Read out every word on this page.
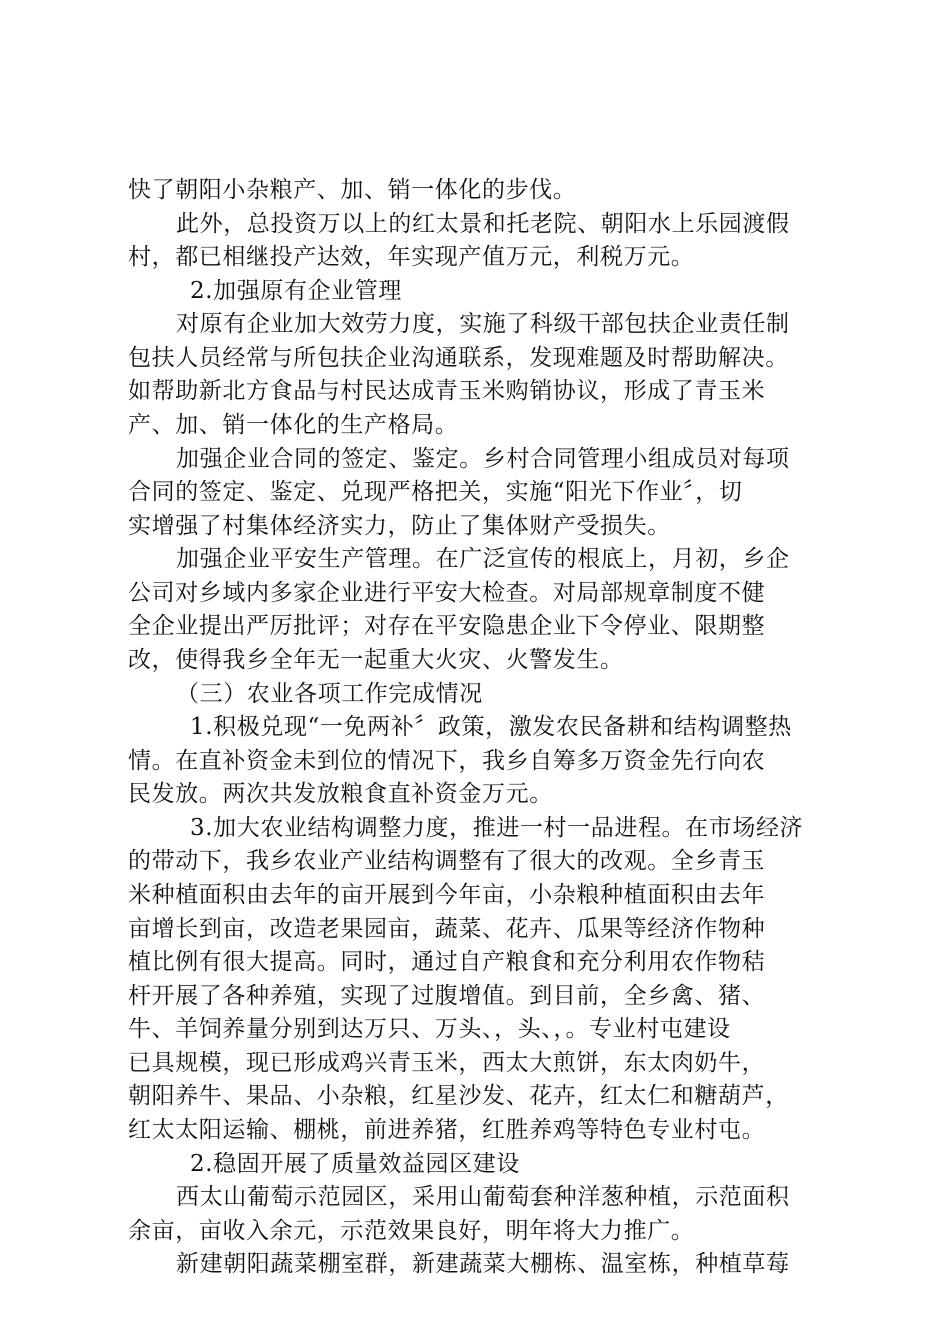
快了朝阳小杂粮产、加、销一体化的步伐。
此外，总投资万以上的红太景和托老院、朝阳水上乐园渡假
村，都已相继投产达效，年实现产值万元，利税万元。
2.加强原有企业管理
对原有企业加大效劳力度，实施了科级干部包扶企业责任制
包扶人员经常与所包扶企业沟通联系，发现难题及时帮助解决。
如帮助新北方食品与村民达成青玉米购销协议，形成了青玉米
产、加、销一体化的生产格局。
加强企业合同的签定、鉴定。乡村合同管理小组成员对每项
合同的签定、鉴定、兑现严格把关，实施“阳光下作业〞，切
实增强了村集体经济实力，防止了集体财产受损失。
加强企业平安生产管理。在广泛宣传的根底上，月初，乡企
公司对乡域内多家企业进行平安大检查。对局部规章制度不健
全企业提出严厉批评；对存在平安隐患企业下令停业、限期整
改，使得我乡全年无一起重大火灾、火警发生。
（三）农业各项工作完成情况
1.积极兑现“一免两补〞政策，激发农民备耕和结构调整热
情。在直补资金未到位的情况下，我乡自筹多万资金先行向农
民发放。两次共发放粮食直补资金万元。
3.加大农业结构调整力度，推进一村一品进程。在市场经济
的带动下，我乡农业产业结构调整有了很大的改观。全乡青玉
米种植面积由去年的亩开展到今年亩，小杂粮种植面积由去年
亩增长到亩，改造老果园亩，蔬菜、花卉、瓜果等经济作物种
植比例有很大提高。同时，通过自产粮食和充分利用农作物秸
杆开展了各种养殖，实现了过腹增值。到目前，全乡禽、猪、
牛、羊饲养量分别到达万只、万头、，头、，。专业村屯建设
已具规模，现已形成鸡兴青玉米，西太大煎饼，东太肉奶牛，
朝阳养牛、果品、小杂粮，红星沙发、花卉，红太仁和糖葫芦，
红太太阳运输、棚桃，前进养猪，红胜养鸡等特色专业村屯。
2.稳固开展了质量效益园区建设
西太山葡萄示范园区，采用山葡萄套种洋葱种植，示范面积
余亩，亩收入余元，示范效果良好，明年将大力推广。
新建朝阳蔬菜棚室群，新建蔬菜大棚栋、温室栋，种植草莓
